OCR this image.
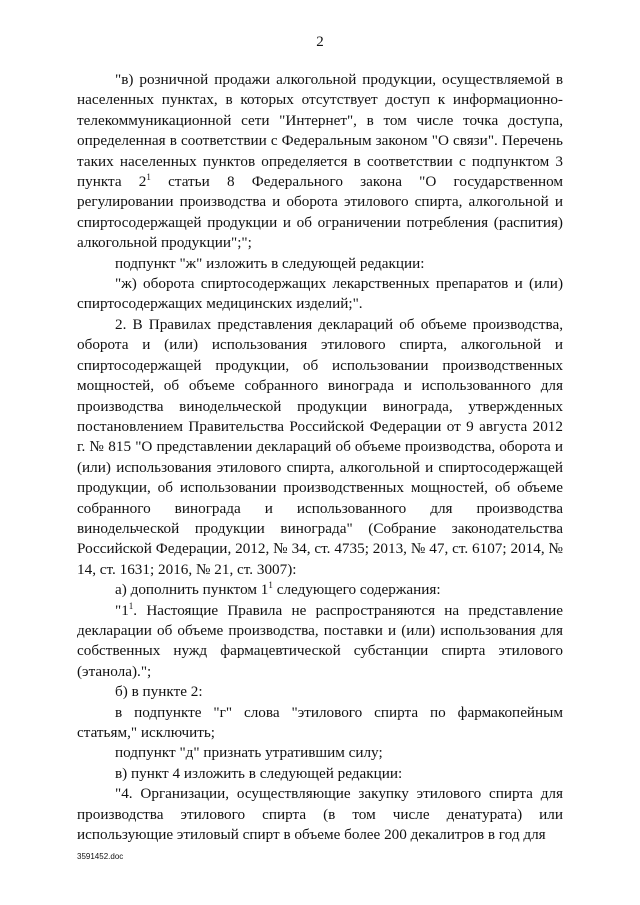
2

"в) розничной продажи алкогольной продукции, осуществляемой в населенных пунктах, в которых отсутствует доступ к информационно-телекоммуникационной сети "Интернет", в том числе точка доступа, определенная в соответствии с Федеральным законом "О связи". Перечень таких населенных пунктов определяется в соответствии с подпунктом 3 пункта $2^1$ статьи 8 Федерального закона "О государственном регулировании производства и оборота этилового спирта, алкогольной и спиртосодержащей продукции и об ограничении потребления (распития) алкогольной продукции";";

подпункт "ж" изложить в следующей редакции:

"ж) оборота спиртосодержащих лекарственных препаратов и (или) спиртосодержащих медицинских изделий;".

2. В Правилах представления деклараций об объеме производства, оборота и (или) использования этилового спирта, алкогольной и спиртосодержащей продукции, об использовании производственных мощностей, об объеме собранного винограда и использованного для производства винодельческой продукции винограда, утвержденных постановлением Правительства Российской Федерации от 9 августа 2012 г. № 815 "О представлении деклараций об объеме производства, оборота и (или) использования этилового спирта, алкогольной и спиртосодержащей продукции, об использовании производственных мощностей, об объеме собранного винограда и использованного для производства винодельческой продукции винограда" (Собрание законодательства Российской Федерации, 2012, № 34, ст. 4735; 2013, № 47, ст. 6107; 2014, № 14, ст. 1631; 2016, № 21, ст. 3007):

а) дополнить пунктом $1^1$ следующего содержания:

"$1^1$. Настоящие Правила не распространяются на представление декларации об объеме производства, поставки и (или) использования для собственных нужд фармацевтической субстанции спирта этилового (этанола).";

б) в пункте 2:

в подпункте "г" слова "этилового спирта по фармакопейным статьям," исключить;

подпункт "д" признать утратившим силу;

в) пункт 4 изложить в следующей редакции:

"4. Организации, осуществляющие закупку этилового спирта для производства этилового спирта (в том числе денатурата) или использующие этиловый спирт в объеме более 200 декалитров в год для

3591452.doc
